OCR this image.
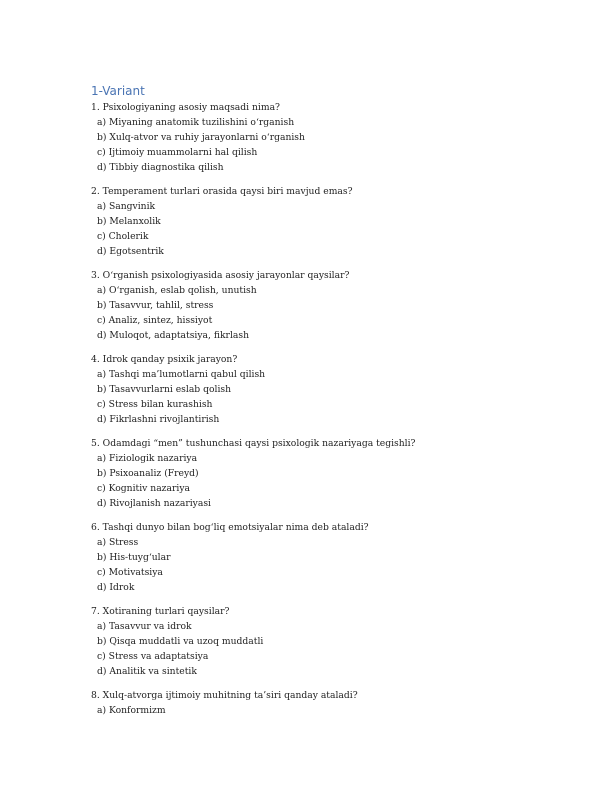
1-Variant
1. Psixologiyaning asosiy maqsadi nima?
a) Miyaning anatomik tuzilishini o‘rganish
b) Xulq-atvor va ruhiy jarayonlarni o‘rganish
c) Ijtimoiy muammolarni hal qilish
d) Tibbiy diagnostika qilish
2. Temperament turlari orasida qaysi biri mavjud emas?
a) Sangvinik
b) Melanxolik
c) Cholerik
d) Egotsentrik
3. O‘rganish psixologiyasida asosiy jarayonlar qaysilar?
a) O‘rganish, eslab qolish, unutish
b) Tasavvur, tahlil, stress
c) Analiz, sintez, hissiyot
d) Muloqot, adaptatsiya, fikrlash
4. Idrok qanday psixik jarayon?
a) Tashqi ma’lumotlarni qabul qilish
b) Tasavvurlarni eslab qolish
c) Stress bilan kurashish
d) Fikrlashni rivojlantirish
5. Odamdagi “men” tushunchasi qaysi psixologik nazariyaga tegishli?
a) Fiziologik nazariya
b) Psixoanaliz (Freyd)
c) Kognitiv nazariya
d) Rivojlanish nazariyasi
6. Tashqi dunyo bilan bog‘liq emotsiyalar nima deb ataladi?
a) Stress
b) His-tuyg‘ular
c) Motivatsiya
d) Idrok
7. Xotiraning turlari qaysilar?
a) Tasavvur va idrok
b) Qisqa muddatli va uzoq muddatli
c) Stress va adaptatsiya
d) Analitik va sintetik
8. Xulq-atvorga ijtimoiy muhitning ta’siri qanday ataladi?
a) Konformizm
